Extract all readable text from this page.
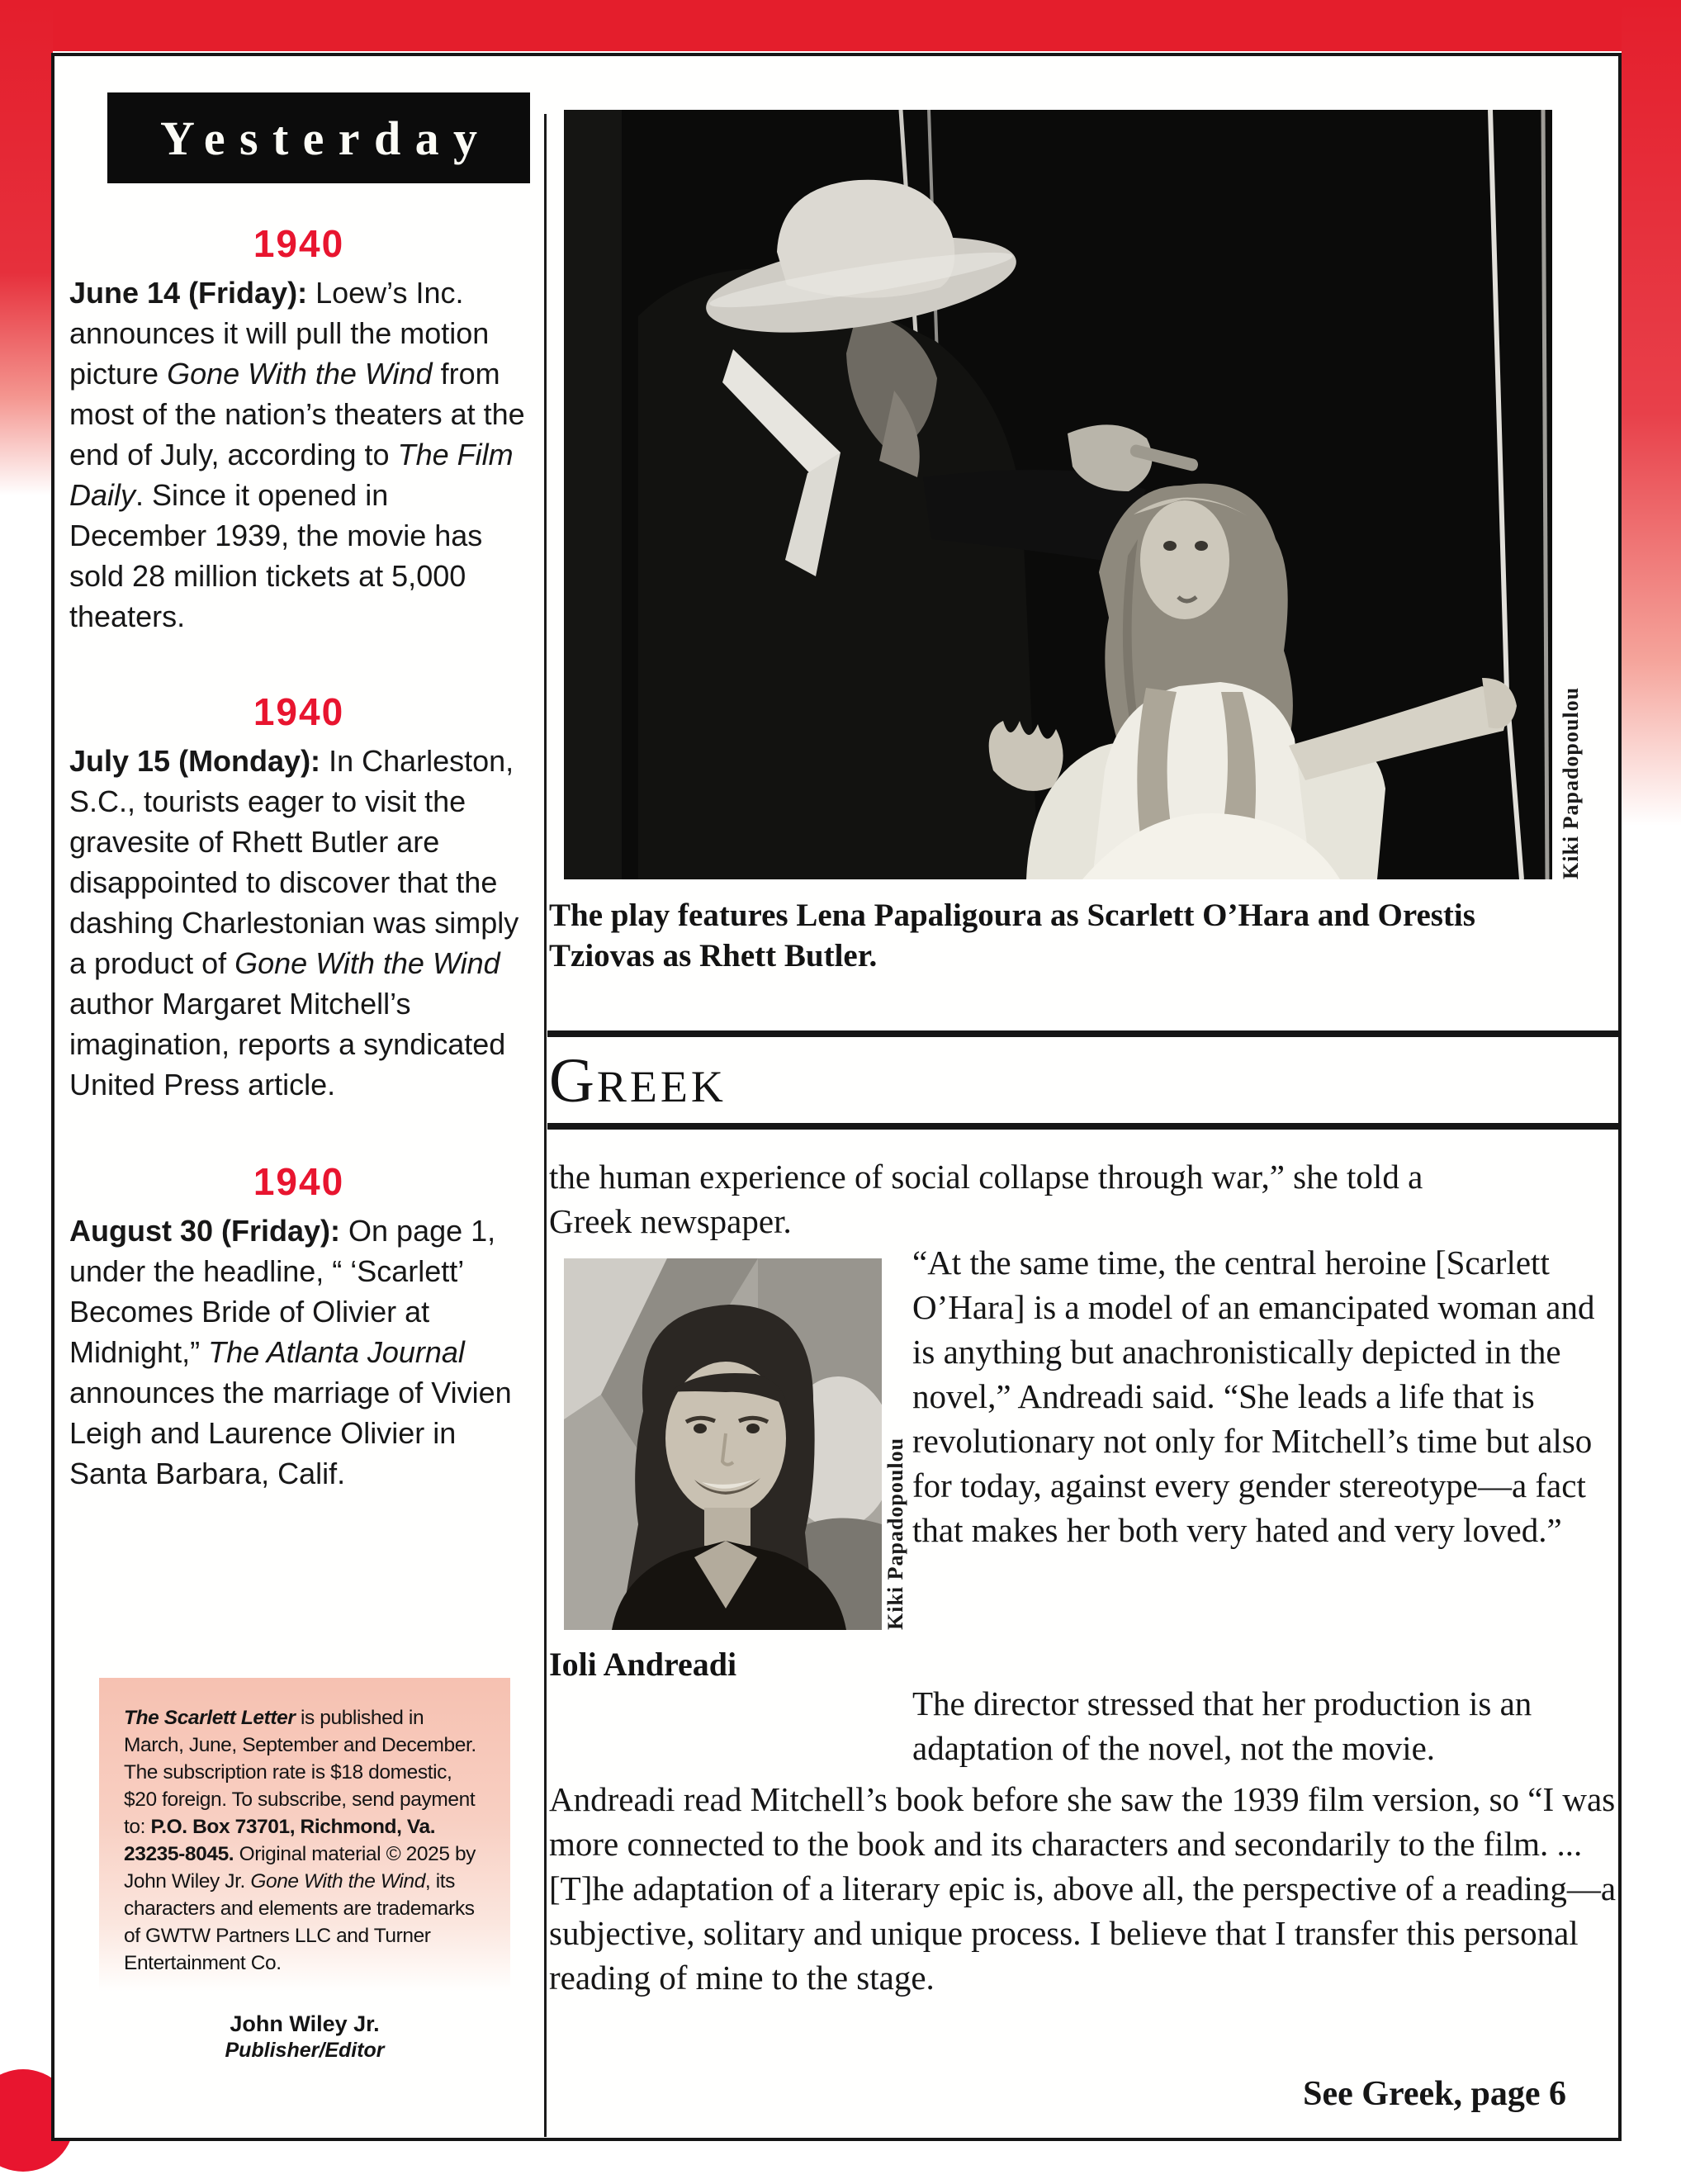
Yesterday
1940
June 14 (Friday): Loew’s Inc. announces it will pull the motion picture Gone With the Wind from most of the nation’s theaters at the end of July, according to The Film Daily. Since it opened in December 1939, the movie has sold 28 million tickets at 5,000 theaters.
1940
July 15 (Monday): In Charleston, S.C., tourists eager to visit the gravesite of Rhett Butler are disappointed to discover that the dashing Charlestonian was simply a product of Gone With the Wind author Margaret Mitchell’s imagination, reports a syndicated United Press article.
1940
August 30 (Friday): On page 1, under the headline, “ ‘Scarlett’ Becomes Bride of Olivier at Midnight,” The Atlanta Journal announces the marriage of Vivien Leigh and Laurence Olivier in Santa Barbara, Calif.
The Scarlett Letter is published in March, June, September and December. The subscription rate is $18 domestic, $20 foreign. To subscribe, send payment to: P.O. Box 73701, Richmond, Va. 23235-8045. Original material © 2025 by John Wiley Jr. Gone With the Wind, its characters and elements are trademarks of GWTW Partners LLC and Turner Entertainment Co.
John Wiley Jr.
Publisher/Editor
Kiki Papadopoulou
The play features Lena Papaligoura as Scarlett O’Hara and Orestis Tziovas as Rhett Butler.
GREEK
the human experience of social collapse through war,” she told a Greek newspaper.
Kiki Papadopoulou
Ioli Andreadi
“At the same time, the central heroine [Scarlett O’Hara] is a model of an emancipated woman and is anything but anachronistically depicted in the novel,” Andreadi said. “She leads a life that is revolutionary not only for Mitchell’s time but also for today, against every gender stereotype—a fact that makes her both very hated and very loved.”
The director stressed that her production is an adaptation of the novel, not the movie.
Andreadi read Mitchell’s book before she saw the 1939 film version, so “I was more connected to the book and its characters and secondarily to the film. ... [T]he adaptation of a literary epic is, above all, the perspective of a reading—a subjective, solitary and unique process. I believe that I transfer this personal reading of mine to the stage.
See Greek, page 6
